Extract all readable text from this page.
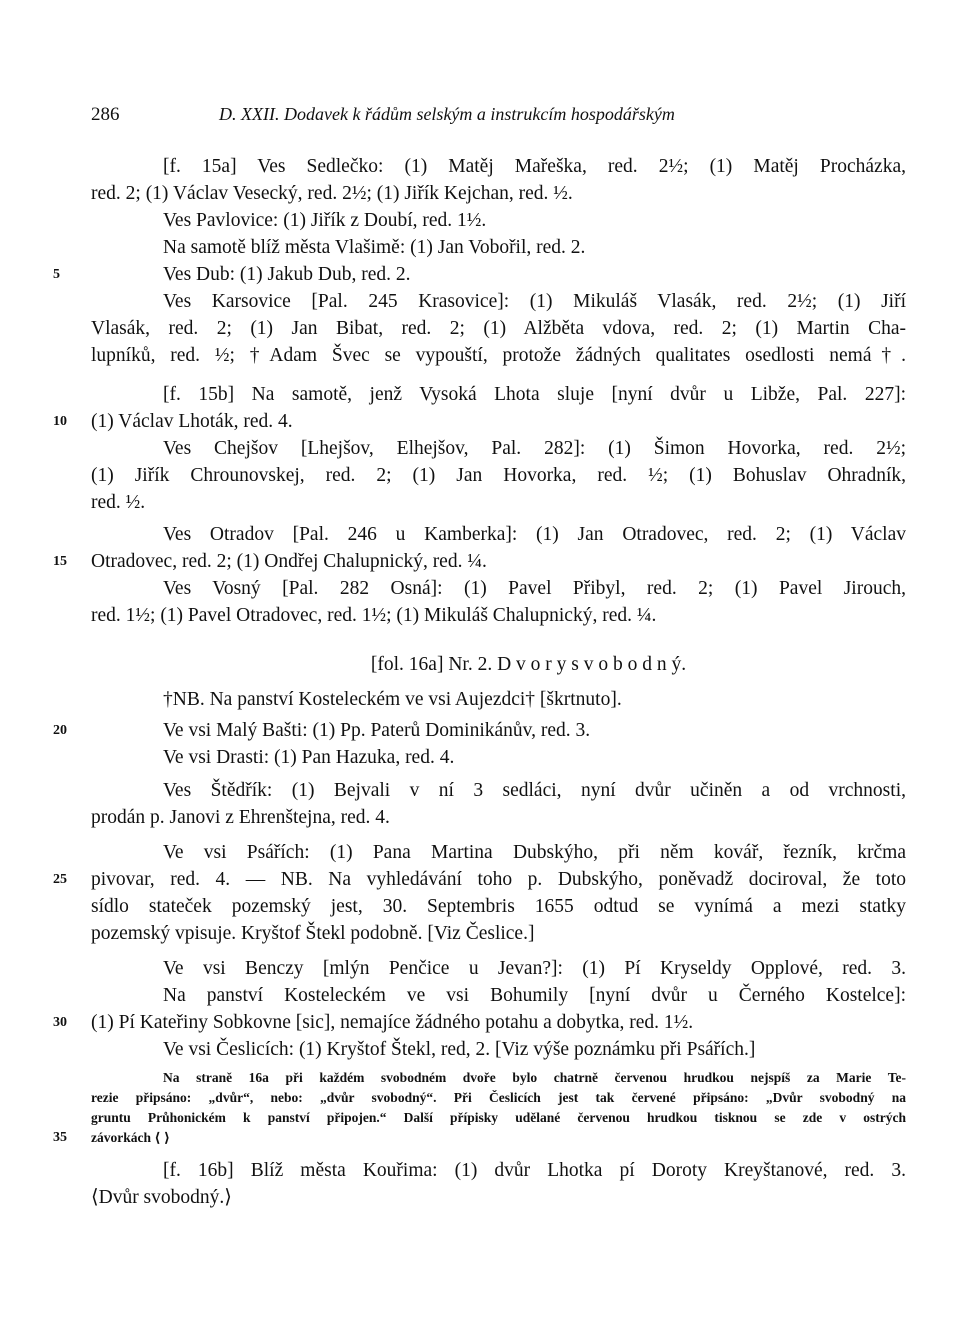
286	D. XXII. Dodavek k řádům selským a instrukcím hospodářským
[f. 15a] Ves Sedlečko: (1) Matěj Mařeška, red. 2½; (1) Matěj Procházka,
red. 2; (1) Václav Vesecký, red. 2½; (1) Jiřík Kejchan, red. ½.
Ves Pavlovice: (1) Jiřík z Doubí, red. 1½.
Na samotě blíž města Vlašimě: (1) Jan Vobořil, red. 2.
5	Ves Dub: (1) Jakub Dub, red. 2.
Ves Karsovice [Pal. 245 Krasovice]: (1) Mikuláš Vlasák, red. 2½; (1) Jiří
Vlasák, red. 2; (1) Jan Bibat, red. 2; (1) Alžběta vdova, red. 2; (1) Martin Cha-
lupníků, red. ½; †Adam Švec se vypouští, protože žádných qualitates osedlosti nemá†.
[f. 15b] Na samotě, jenž Vysoká Lhota sluje [nyní dvůr u Libže, Pal. 227]:
10	(1) Václav Lhoták, red. 4.
Ves Chejšov [Lhejšov, Elhejšov, Pal. 282]: (1) Šimon Hovorka, red. 2½;
(1) Jiřík Chrounovskej, red. 2; (1) Jan Hovorka, red. ½; (1) Bohuslav Ohradník,
red. ½.
Ves Otradov [Pal. 246 u Kamberka]: (1) Jan Otradovec, red. 2; (1) Václav
15	Otradovec, red. 2; (1) Ondřej Chalupnický, red. ¼.
Ves Vosný [Pal. 282 Osná]: (1) Pavel Přibyl, red. 2; (1) Pavel Jirouch,
red. 1½; (1) Pavel Otradovec, red. 1½; (1) Mikuláš Chalupnický, red. ¼.
[fol. 16a] Nr. 2. D v o r y s v o b o d n ý.
†NB. Na panství Kosteleckém ve vsi Aujezdci† [škrtnuto].
20	Ve vsi Malý Bašti: (1) Pp. Paterů Dominikánův, red. 3.
Ve vsi Drasti: (1) Pan Hazuka, red. 4.
Ves Štědřík: (1) Bejvali v ní 3 sedláci, nyní dvůr učiněn a od vrchnosti,
prodán p. Janovi z Ehrenštejna, red. 4.
Ve vsi Psářích: (1) Pana Martina Dubskýho, při něm kovář, řezník, krčma
25	pivovar, red. 4. — NB. Na vyhledávání toho p. Dubskýho, poněvadž dociroval, že toto
sídlo stateček pozemský jest, 30. Septembris 1655 odtud se vynímá a mezi statky
pozemský vpisuje. Kryštof Štekl podobně. [Viz Česlice.]
Ve vsi Benczy [mlýn Penčice u Jevan?]: (1) Pí Kryseldy Opplové, red. 3.
Na panství Kosteleckém ve vsi Bohumily [nyní dvůr u Černého Kostelce]:
30	(1) Pí Kateřiny Sobkovne [sic], nemajíce žádného potahu a dobytka, red. 1½.
Ve vsi Česlicích: (1) Kryštof Štekl, red, 2. [Viz výše poznámku při Psářích.]
Na straně 16a při každém svobodném dvoře bylo chatrně červenou hrudkou nejspíš za Marie Te-
rezie připsáno: „dvůr“, nebo: „dvůr svobodný“. Při Česlicích jest tak červené připsáno: „Dvůr svobodný na
gruntu Průhonickém k panství připojen.“ Další přípisky udělané červenou hrudkou tisknou se zde v ostrých
35	závorkách ⟨ ⟩
[f. 16b] Blíž města Kouřima: (1) dvůr Lhotka pí Doroty Kreyštanové, red. 3.
⟨Dvůr svobodný.⟩
